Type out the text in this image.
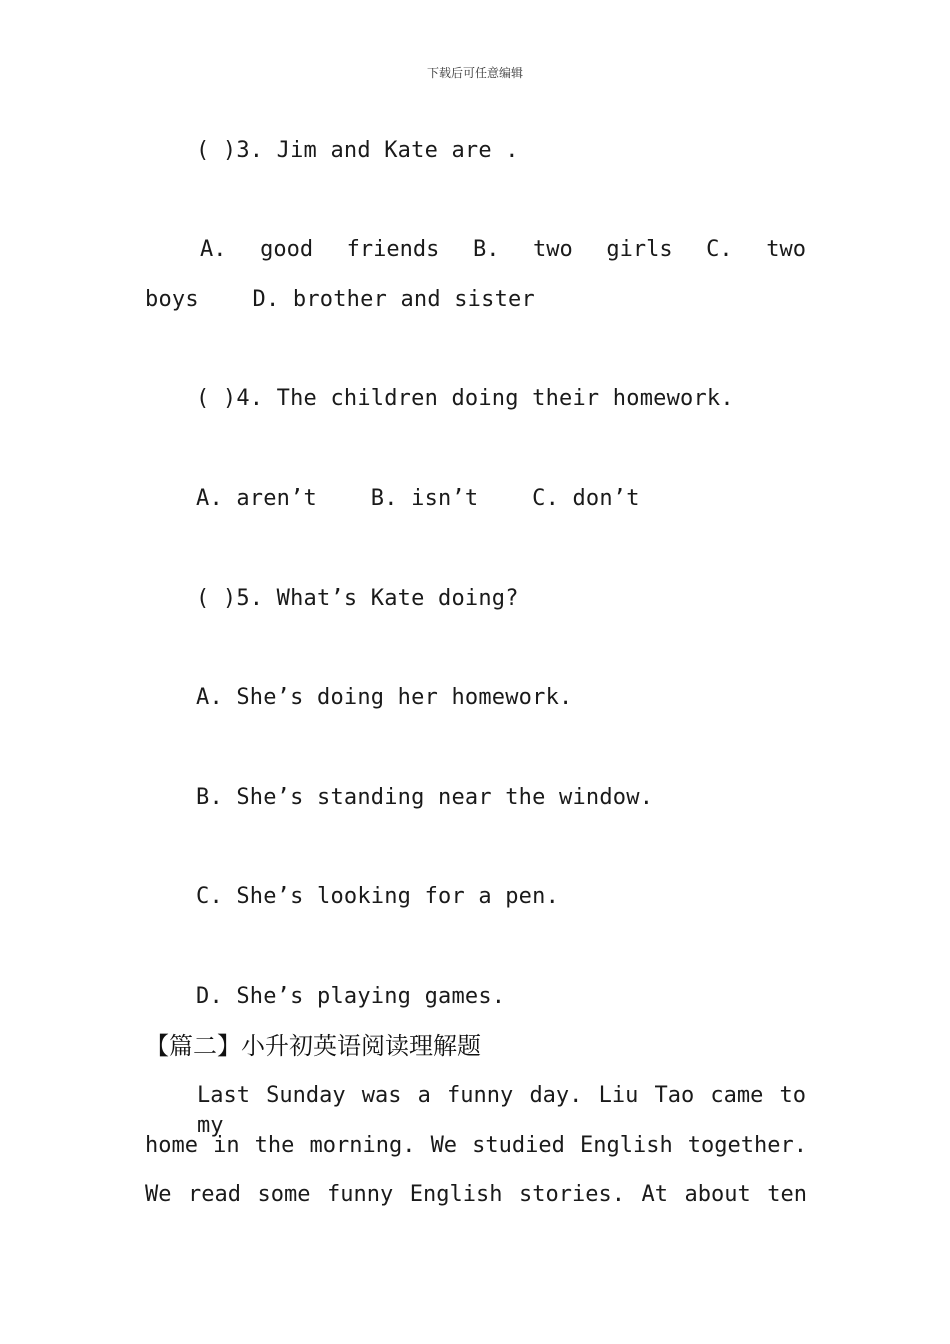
下载后可任意编辑
( )3. Jim and Kate are .
A. good friends B. two girls C. two
boys    D. brother and sister
( )4. The children doing their homework.
A. aren’t    B. isn’t    C. don’t
( )5. What’s Kate doing?
A. She’s doing her homework.
B. She’s standing near the window.
C. She’s looking for a pen.
D. She’s playing games.
【篇二】小升初英语阅读理解题
Last Sunday was a funny day. Liu Tao came to my
home in the morning. We studied English together.
We read some funny English stories. At about ten
